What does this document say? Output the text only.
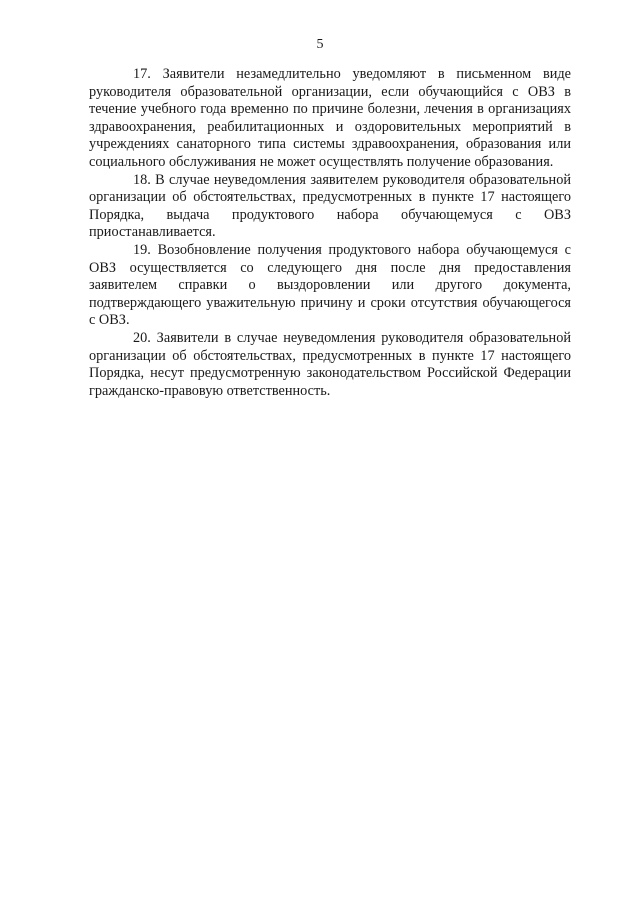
5

17. Заявители незамедлительно уведомляют в письменном виде руководителя образовательной организации, если обучающийся с ОВЗ в течение учебного года временно по причине болезни, лечения в организациях здравоохранения, реабилитационных и оздоровительных мероприятий в учреждениях санаторного типа системы здравоохранения, образования или социального обслуживания не может осуществлять получение образования.

18. В случае неуведомления заявителем руководителя образовательной организации об обстоятельствах, предусмотренных в пункте 17 настоящего Порядка, выдача продуктового набора обучающемуся с ОВЗ приостанавливается.

19. Возобновление получения продуктового набора обучающемуся с ОВЗ осуществляется со следующего дня после дня предоставления заявителем справки о выздоровлении или другого документа, подтверждающего уважительную причину и сроки отсутствия обучающегося с ОВЗ.

20. Заявители в случае неуведомления руководителя образовательной организации об обстоятельствах, предусмотренных в пункте 17 настоящего Порядка, несут предусмотренную законодательством Российской Федерации гражданско-правовую ответственность.
